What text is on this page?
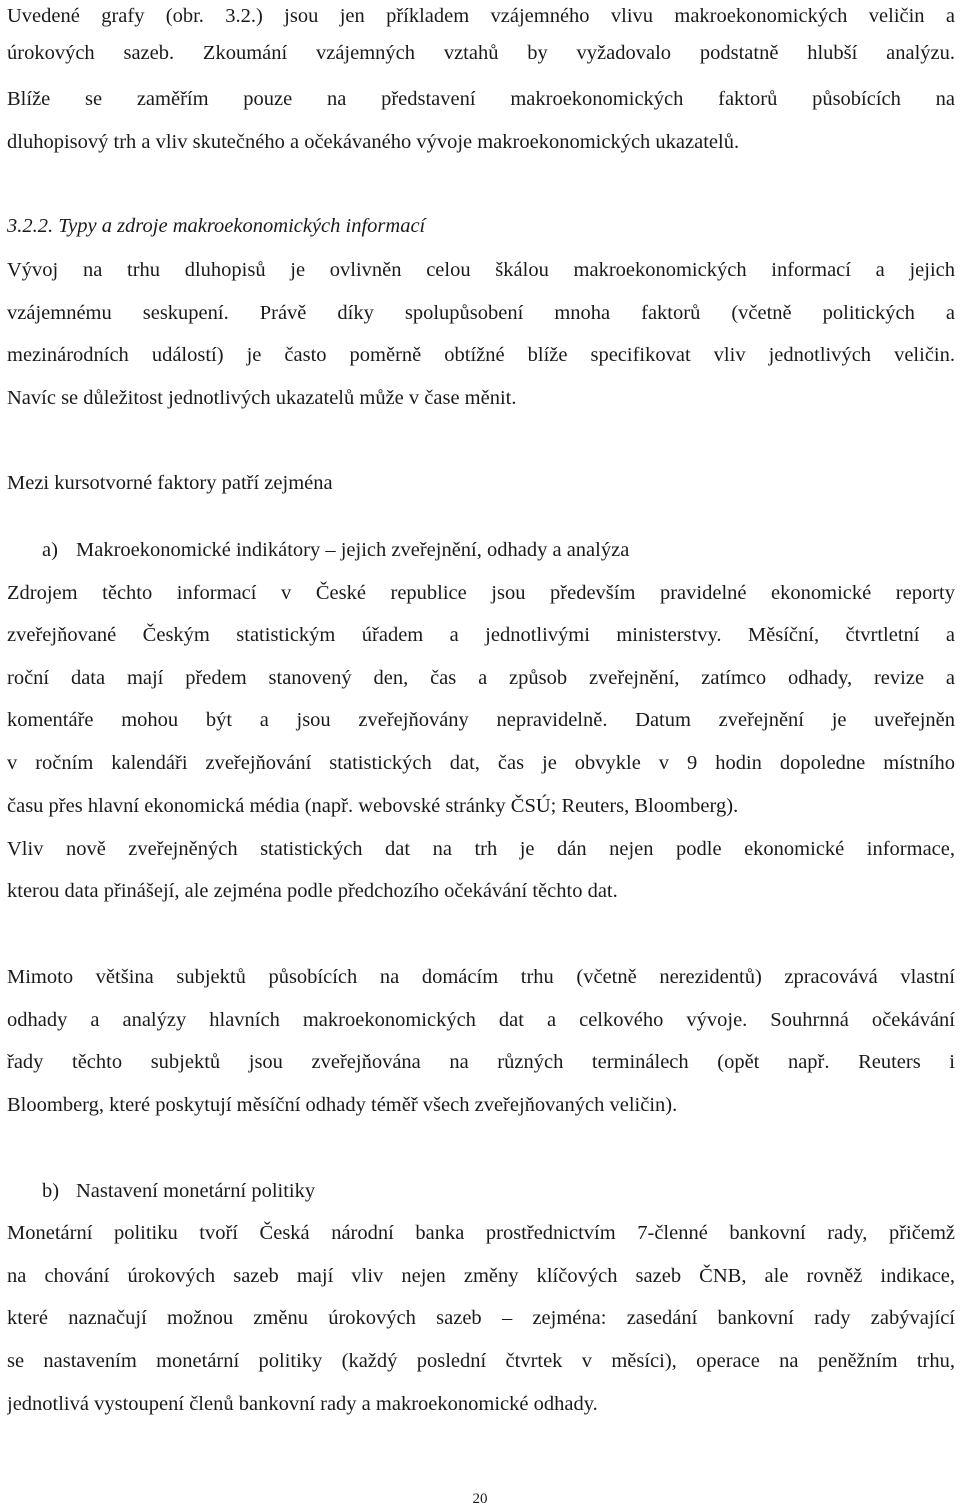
Uvedené grafy (obr. 3.2.) jsou jen příkladem vzájemného vlivu makroekonomických veličin a
úrokových sazeb. Zkoumání vzájemných vztahů by vyžadovalo podstatně hlubší analýzu.
Blíže se zaměřím pouze na představení makroekonomických faktorů působících na
dluhopisový trh a vliv skutečného a očekávaného vývoje makroekonomických ukazatelů.
3.2.2. Typy a zdroje makroekonomických informací
Vývoj na trhu dluhopisů je ovlivněn celou škálou makroekonomických informací a jejich
vzájemnému seskupení. Právě díky spolupůsobení mnoha faktorů (včetně politických a
mezinárodních událostí) je často poměrně obtížné blíže specifikovat vliv jednotlivých veličin.
Navíc se důležitost jednotlivých ukazatelů může v čase měnit.
Mezi kursotvorné faktory patří zejména
a) Makroekonomické indikátory – jejich zveřejnění, odhady a analýza
Zdrojem těchto informací v České republice jsou především pravidelné ekonomické reporty
zveřejňované Českým statistickým úřadem a jednotlivými ministerstvy. Měsíční, čtvrtletní a
roční data mají předem stanovený den, čas a způsob zveřejnění, zatímco odhady, revize a
komentáře mohou být a jsou zveřejňovány nepravidelně. Datum zveřejnění je uveřejněn
v ročním kalendáři zveřejňování statistických dat, čas je obvykle v 9 hodin dopoledne místního
času přes hlavní ekonomická média (např. webovské stránky ČSÚ; Reuters, Bloomberg).
Vliv nově zveřejněných statistických dat na trh je dán nejen podle ekonomické informace,
kterou data přinášejí, ale zejména podle předchozího očekávání těchto dat.
Mimoto většina subjektů působících na domácím trhu (včetně nerezidentů) zpracovává vlastní
odhady a analýzy hlavních makroekonomických dat a celkového vývoje. Souhrnná očekávání
řady těchto subjektů jsou zveřejňována na různých terminálech (opět např. Reuters i
Bloomberg, které poskytují měsíční odhady téměř všech zveřejňovaných veličin).
b) Nastavení monetární politiky
Monetární politiku tvoří Česká národní banka prostřednictvím 7-členné bankovní rady, přičemž
na chování úrokových sazeb mají vliv nejen změny klíčových sazeb ČNB, ale rovněž indikace,
které naznačují možnou změnu úrokových sazeb – zejména: zasedání bankovní rady zabývající
se nastavením monetární politiky (každý poslední čtvrtek v měsíci), operace na peněžním trhu,
jednotlivá vystoupení členů bankovní rady a makroekonomické odhady.
20
